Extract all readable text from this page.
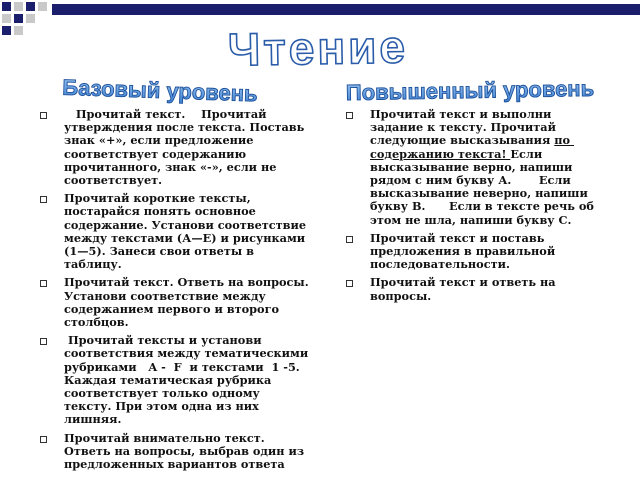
Чтение
Базовый уровень	Повышенный уровень
Прочитай текст.    Прочитай утверждения после текста. Поставь  знак «+», если предложение соответствует содержанию прочитанного, знак «-», если не соответствует.
Прочитай короткие тексты, постарайся понять основное содержание. Установи соответствие между текстами (А—Е) и рисунками (1—5). Занеси свои ответы в таблицу.
Прочитай текст. Ответь на вопросы. Установи соответствие между содержанием первого и второго столбцов.
Прочитай тексты и установи соответствия между тематическими рубриками   A -  F  и текстами  1 -5.   Каждая тематическая рубрика соответствует только одному тексту. При этом одна из них лишняя.
Прочитай внимательно текст. Ответь на вопросы, выбрав один из предложенных вариантов ответа
Прочитай текст и выполни задание к тексту. Прочитай следующие высказывания по содержанию текста! Если высказывание верно, напиши рядом с ним букву А.       Если высказывание неверно, напиши букву В.      Если в тексте речь об этом не шла, напиши букву С.
Прочитай текст и поставь предложения в правильной последовательности.
Прочитай текст и ответь на вопросы.
